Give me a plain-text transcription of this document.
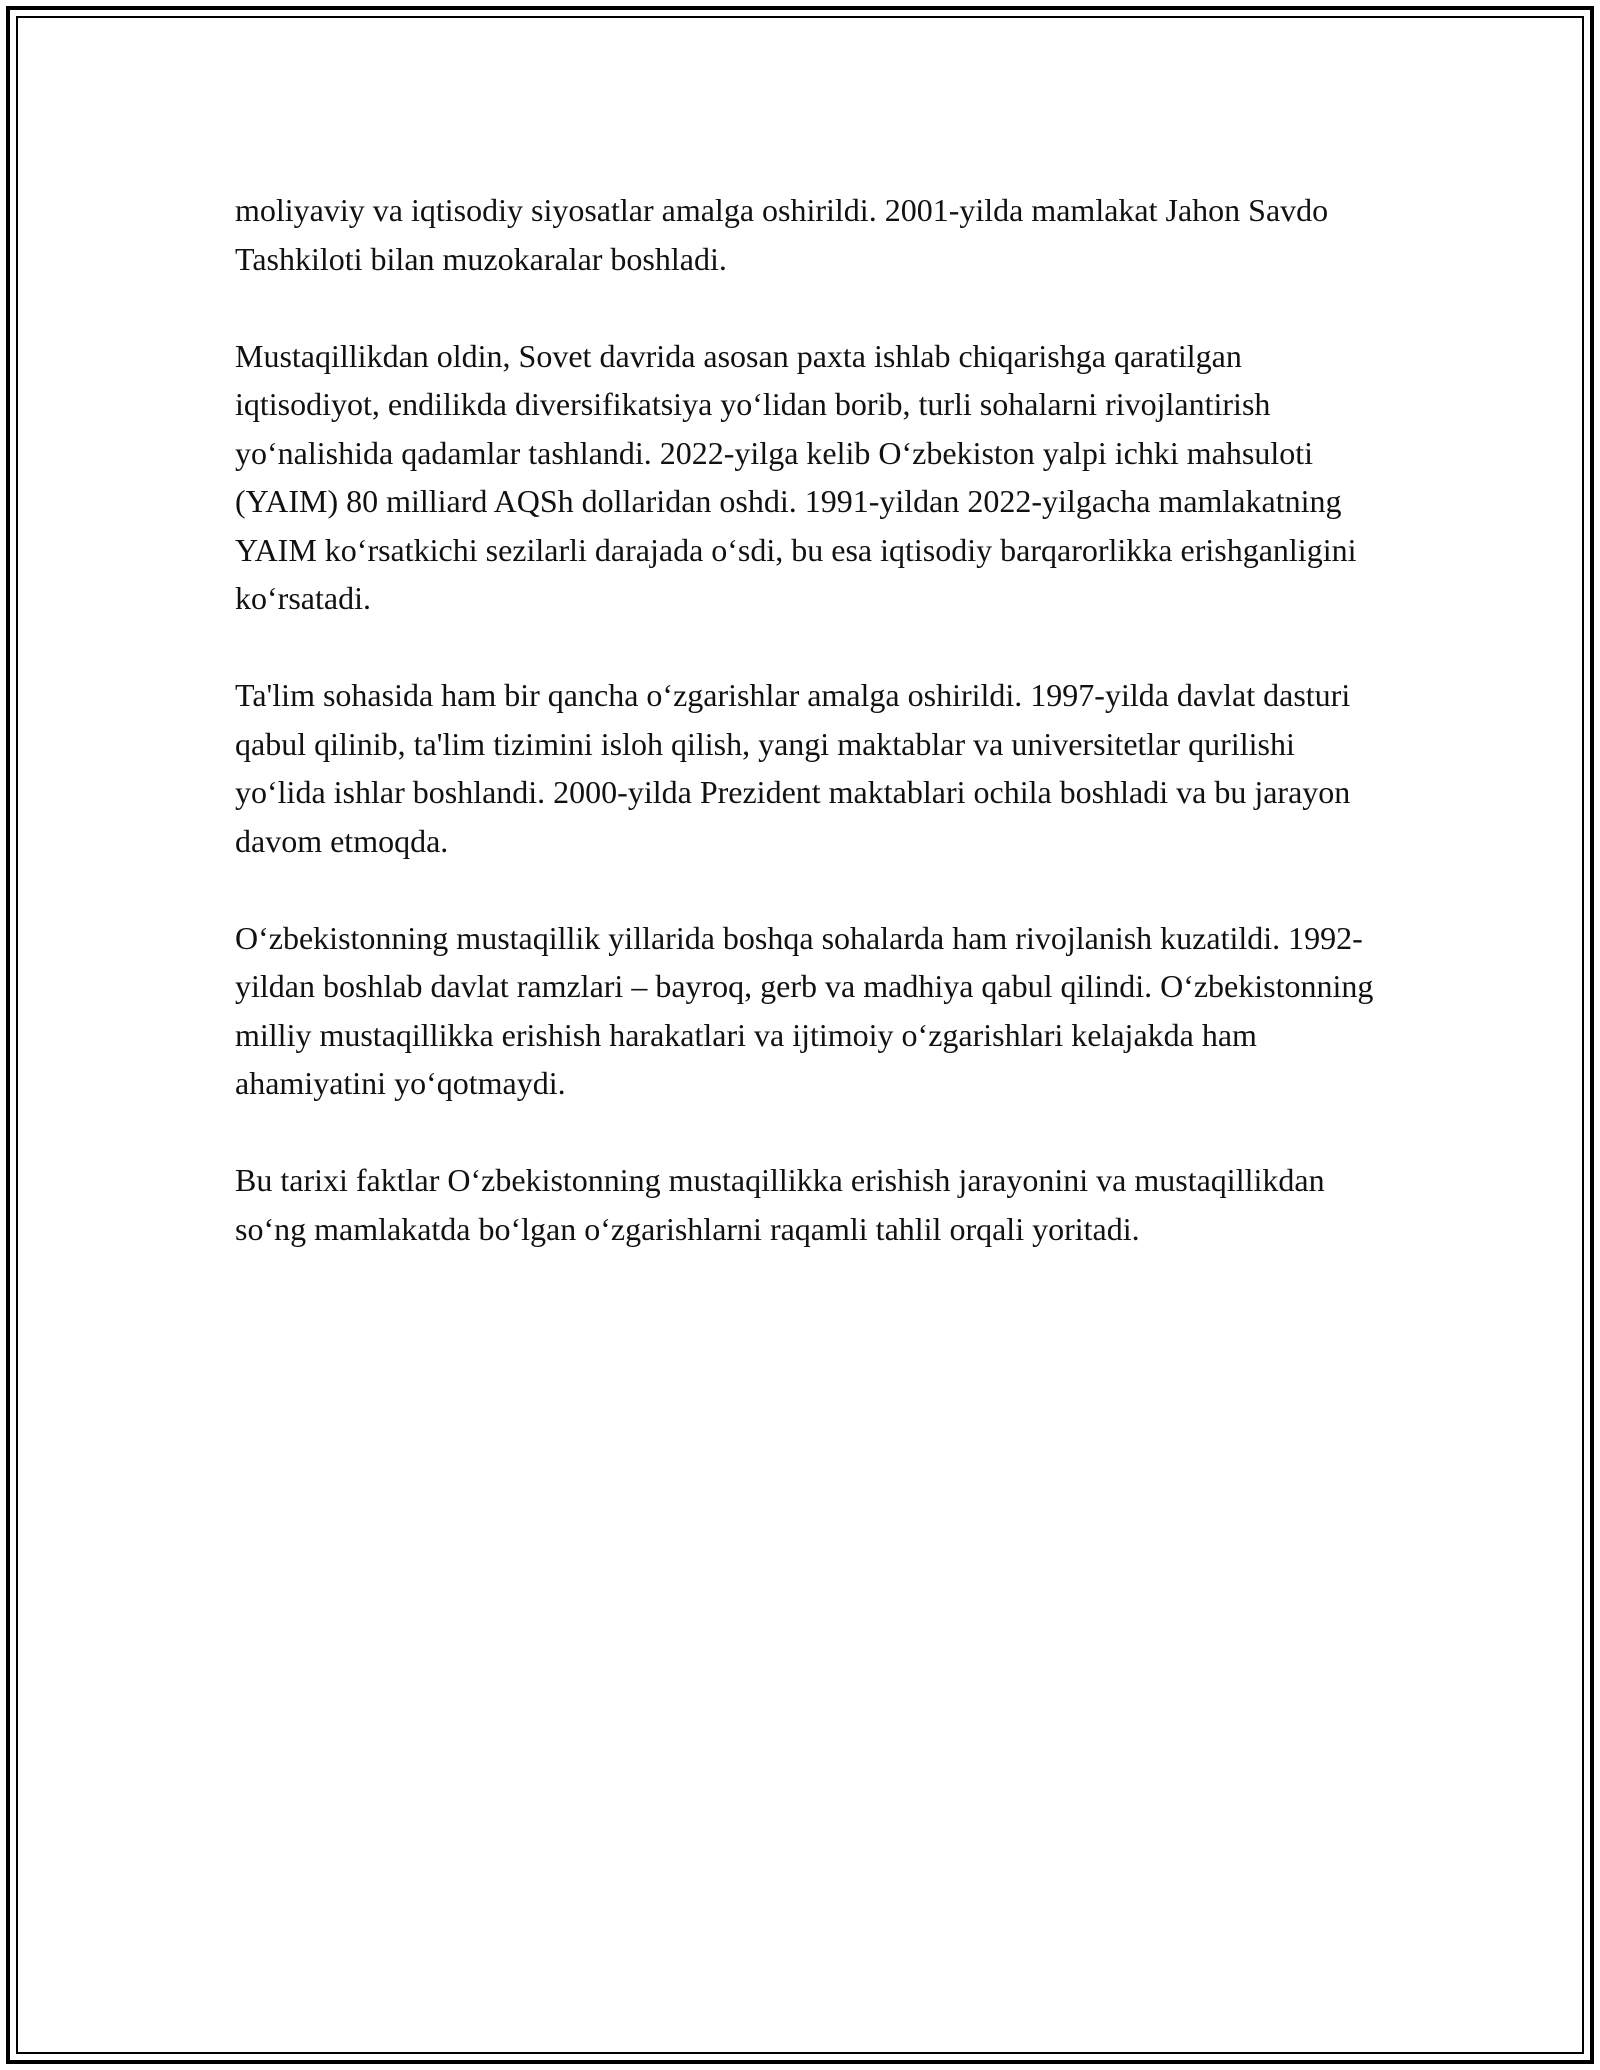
moliyaviy va iqtisodiy siyosatlar amalga oshirildi. 2001-yilda mamlakat Jahon Savdo Tashkiloti bilan muzokaralar boshladi.

Mustaqillikdan oldin, Sovet davrida asosan paxta ishlab chiqarishga qaratilgan iqtisodiyot, endilikda diversifikatsiya yo‘lidan borib, turli sohalarni rivojlantirish yo‘nalishida qadamlar tashlandi. 2022-yilga kelib O‘zbekiston yalpi ichki mahsuloti (YAIM) 80 milliard AQSh dollaridan oshdi. 1991-yildan 2022-yilgacha mamlakatning YAIM ko‘rsatkichi sezilarli darajada o‘sdi, bu esa iqtisodiy barqarorlikka erishganligini ko‘rsatadi.

Ta'lim sohasida ham bir qancha o‘zgarishlar amalga oshirildi. 1997-yilda davlat dasturi qabul qilinib, ta'lim tizimini isloh qilish, yangi maktablar va universitetlar qurilishi yo‘lida ishlar boshlandi. 2000-yilda Prezident maktablari ochila boshladi va bu jarayon davom etmoqda.

O‘zbekistonning mustaqillik yillarida boshqa sohalarda ham rivojlanish kuzatildi. 1992-yildan boshlab davlat ramzlari – bayroq, gerb va madhiya qabul qilindi. O‘zbekistonning milliy mustaqillikka erishish harakatlari va ijtimoiy o‘zgarishlari kelajakda ham ahamiyatini yo‘qotmaydi.

Bu tarixi faktlar O‘zbekistonning mustaqillikka erishish jarayonini va mustaqillikdan so‘ng mamlakatda bo‘lgan o‘zgarishlarni raqamli tahlil orqali yoritadi.
